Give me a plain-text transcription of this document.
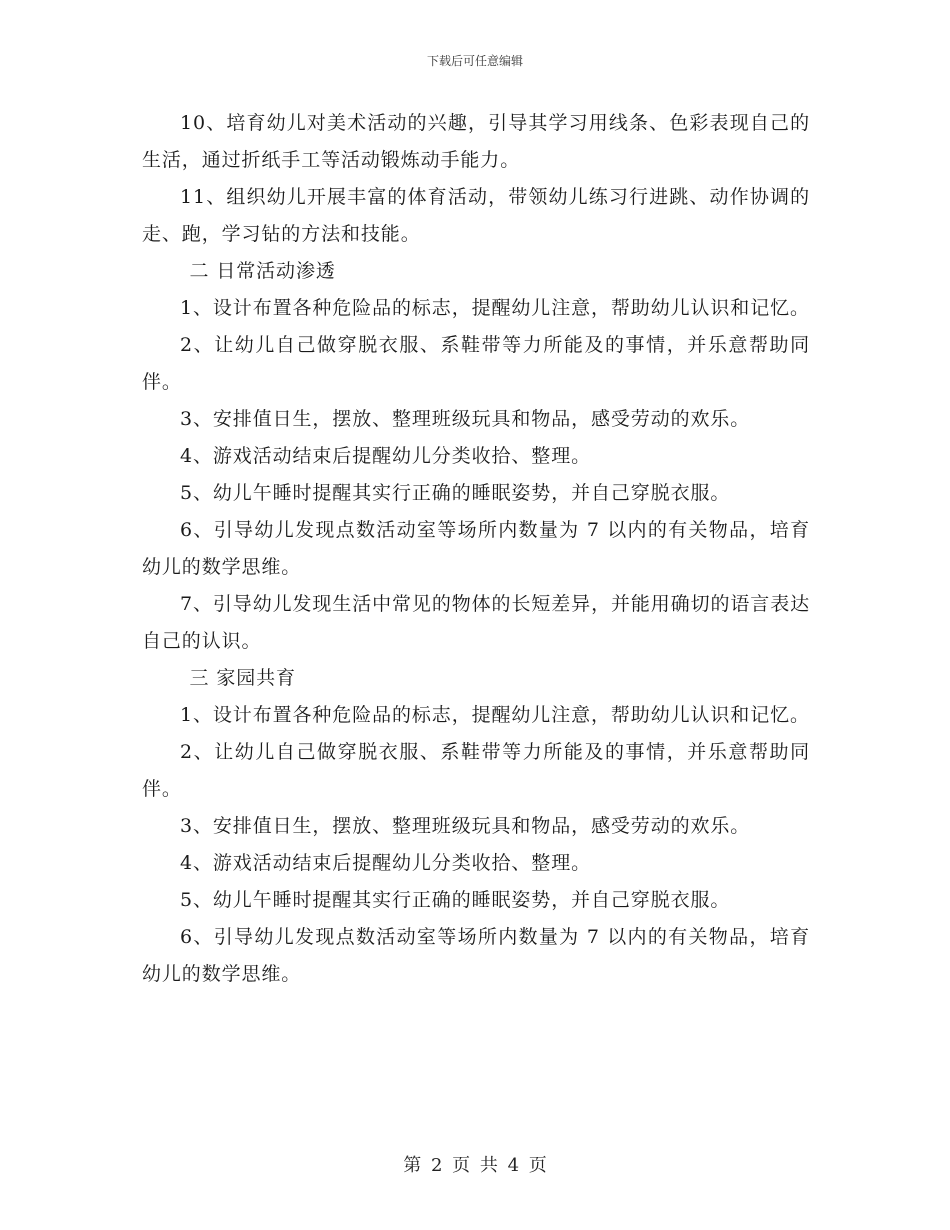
下载后可任意编辑

10、培育幼儿对美术活动的兴趣，引导其学习用线条、色彩表现自己的生活，通过折纸手工等活动锻炼动手能力。

11、组织幼儿开展丰富的体育活动，带领幼儿练习行进跳、动作协调的走、跑，学习钻的方法和技能。

二 日常活动渗透

1、设计布置各种危险品的标志，提醒幼儿注意，帮助幼儿认识和记忆。

2、让幼儿自己做穿脱衣服、系鞋带等力所能及的事情，并乐意帮助同伴。

3、安排值日生，摆放、整理班级玩具和物品，感受劳动的欢乐。

4、游戏活动结束后提醒幼儿分类收拾、整理。

5、幼儿午睡时提醒其实行正确的睡眠姿势，并自己穿脱衣服。

6、引导幼儿发现点数活动室等场所内数量为 7 以内的有关物品，培育幼儿的数学思维。

7、引导幼儿发现生活中常见的物体的长短差异，并能用确切的语言表达自己的认识。

三 家园共育

1、设计布置各种危险品的标志，提醒幼儿注意，帮助幼儿认识和记忆。

2、让幼儿自己做穿脱衣服、系鞋带等力所能及的事情，并乐意帮助同伴。

3、安排值日生，摆放、整理班级玩具和物品，感受劳动的欢乐。

4、游戏活动结束后提醒幼儿分类收拾、整理。

5、幼儿午睡时提醒其实行正确的睡眠姿势，并自己穿脱衣服。

6、引导幼儿发现点数活动室等场所内数量为 7 以内的有关物品，培育幼儿的数学思维。

第 2 页 共 4 页
